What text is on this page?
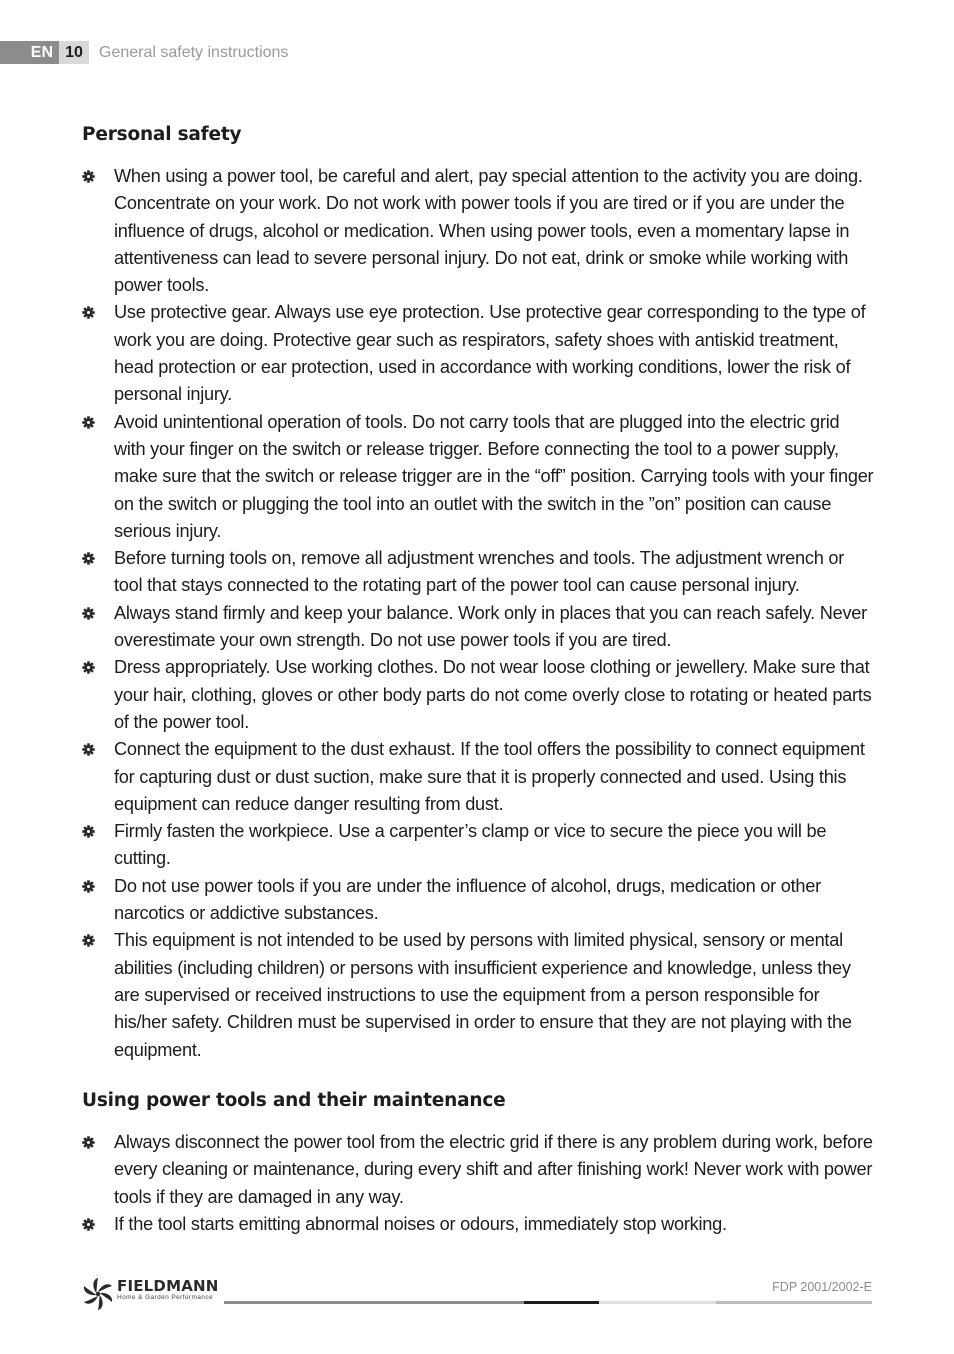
EN 10	General safety instructions
Personal safety
When using a power tool, be careful and alert, pay special attention to the activity you are doing. Concentrate on your work. Do not work with power tools if you are tired or if you are under the influence of drugs, alcohol or medication. When using power tools, even a momentary lapse in attentiveness can lead to severe personal injury. Do not eat, drink or smoke while working with power tools.
Use protective gear. Always use eye protection. Use protective gear corresponding to the type of work you are doing. Protective gear such as respirators, safety shoes with antiskid treatment, head protection or ear protection, used in accordance with working conditions, lower the risk of personal injury.
Avoid unintentional operation of tools. Do not carry tools that are plugged into the electric grid with your finger on the switch or release trigger. Before connecting the tool to a power supply, make sure that the switch or release trigger are in the “off” position. Carrying tools with your finger on the switch or plugging the tool into an outlet with the switch in the ”on” position can cause serious injury.
Before turning tools on, remove all adjustment wrenches and tools. The adjustment wrench or tool that stays connected to the rotating part of the power tool can cause personal injury.
Always stand firmly and keep your balance. Work only in places that you can reach safely. Never overestimate your own strength. Do not use power tools if you are tired.
Dress appropriately. Use working clothes. Do not wear loose clothing or jewellery. Make sure that your hair, clothing, gloves or other body parts do not come overly close to rotating or heated parts of the power tool.
Connect the equipment to the dust exhaust. If the tool offers the possibility to connect equipment for capturing dust or dust suction, make sure that it is properly connected and used. Using this equipment can reduce danger resulting from dust.
Firmly fasten the workpiece. Use a carpenter’s clamp or vice to secure the piece you will be cutting.
Do not use power tools if you are under the influence of alcohol, drugs, medication or other narcotics or addictive substances.
This equipment is not intended to be used by persons with limited physical, sensory or mental abilities (including children) or persons with insufficient experience and knowledge, unless they are supervised or received instructions to use the equipment from a person responsible for his/her safety. Children must be supervised in order to ensure that they are not playing with the equipment.
Using power tools and their maintenance
Always disconnect the power tool from the electric grid if there is any problem during work, before every cleaning or maintenance, during every shift and after finishing work! Never work with power tools if they are damaged in any way.
If the tool starts emitting abnormal noises or odours, immediately stop working.
FIELDMANN
Home & Garden Performance
FDP 2001/2002-E
